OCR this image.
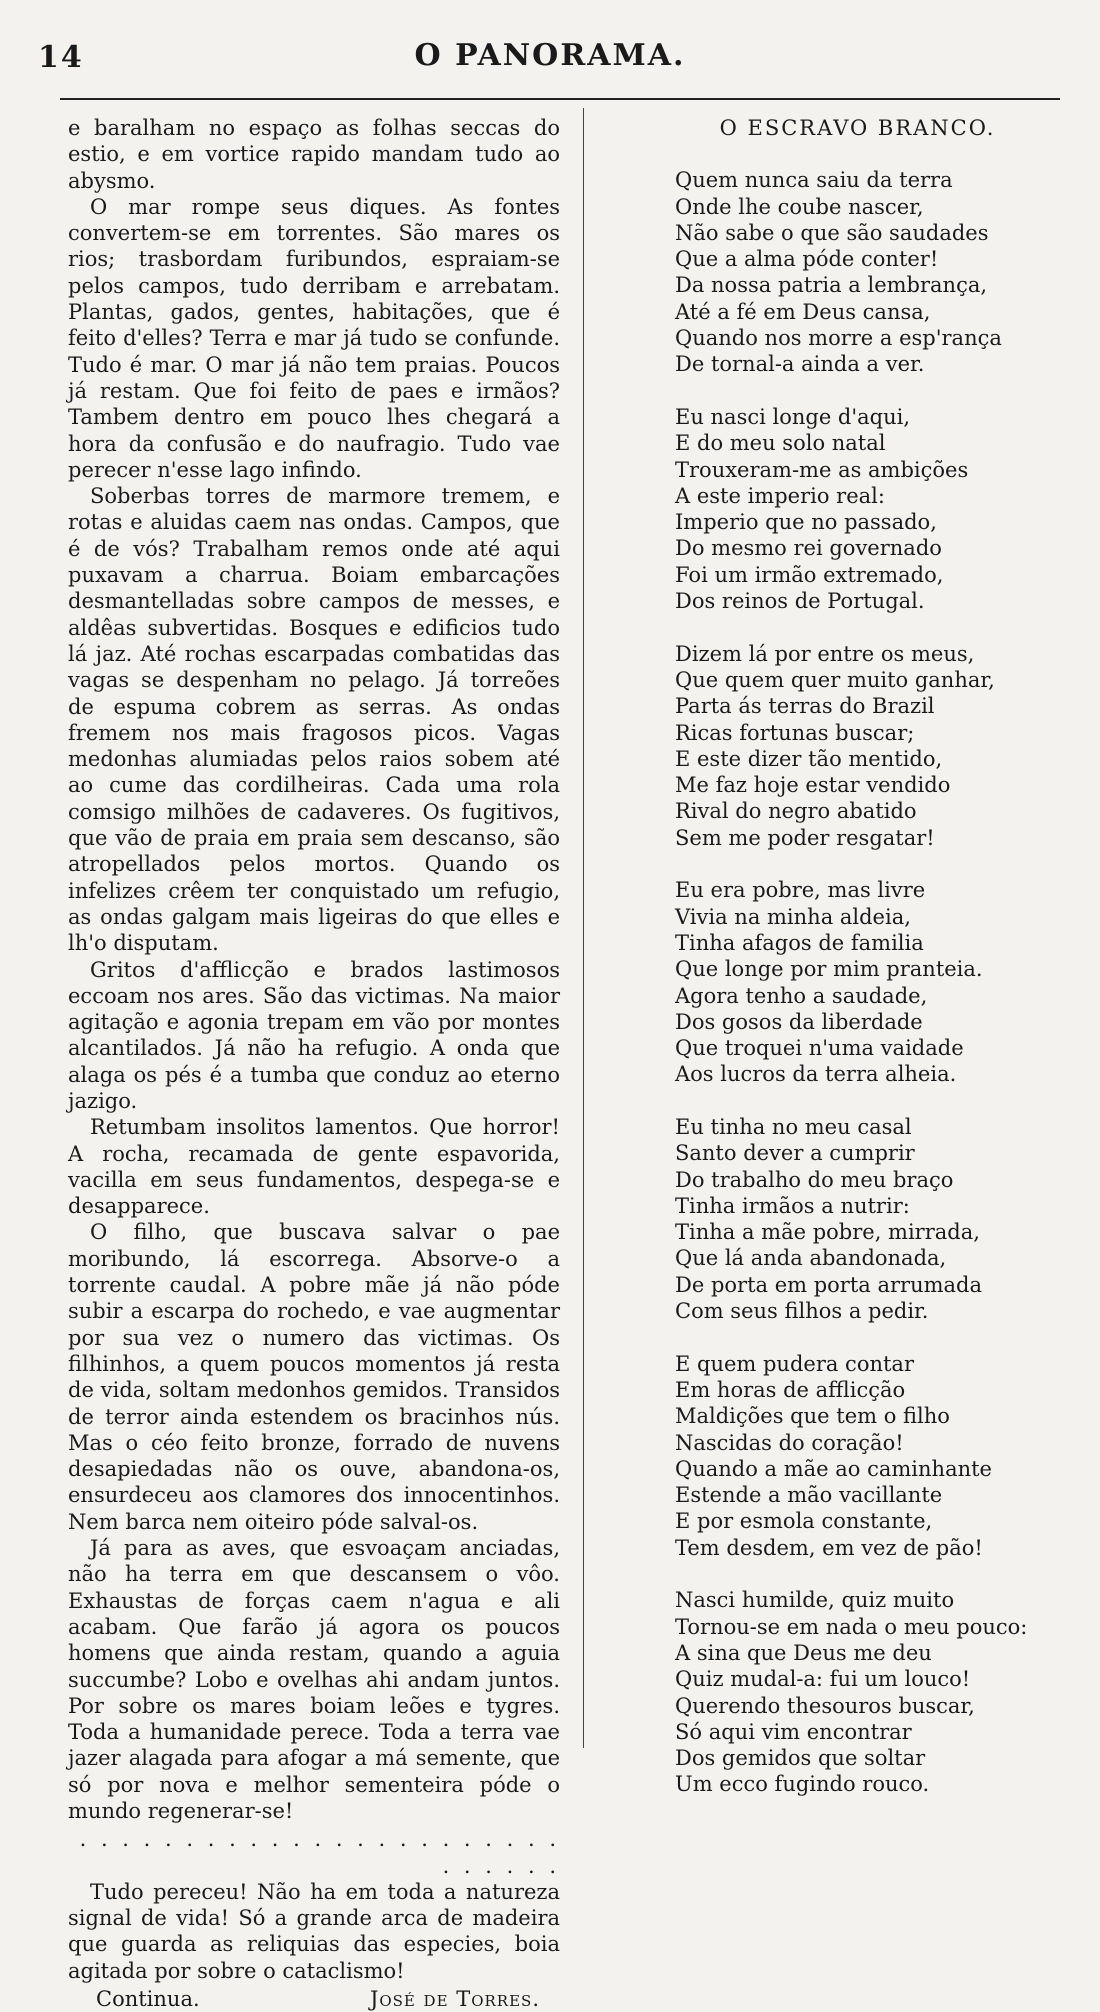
14	O PANORAMA.

e baralham no espaço as folhas seccas do estio, e em vortice rapido mandam tudo ao abysmo.

O mar rompe seus diques. As fontes convertem-se em torrentes. São mares os rios; trasbordam furibundos, espraiam-se pelos campos, tudo derribam e arrebatam. Plantas, gados, gentes, habitações, que é feito d'elles? Terra e mar já tudo se confunde. Tudo é mar. O mar já não tem praias. Poucos já restam. Que foi feito de paes e irmãos? Tambem dentro em pouco lhes chegará a hora da confusão e do naufragio. Tudo vae perecer n'esse lago infindo.

Soberbas torres de marmore tremem, e rotas e aluidas caem nas ondas. Campos, que é de vós? Trabalham remos onde até aqui puxavam a charrua. Boiam embarcações desmantelladas sobre campos de messes, e aldêas subvertidas. Bosques e edificios tudo lá jaz. Até rochas escarpadas combatidas das vagas se despenham no pelago. Já torreões de espuma cobrem as serras. As ondas fremem nos mais fragosos picos. Vagas medonhas alumiadas pelos raios sobem até ao cume das cordilheiras. Cada uma rola comsigo milhões de cadaveres. Os fugitivos, que vão de praia em praia sem descanso, são atropellados pelos mortos. Quando os infelizes crêem ter conquistado um refugio, as ondas galgam mais ligeiras do que elles e lh'o disputam.

Gritos d'afflicção e brados lastimosos eccoam nos ares. São das victimas. Na maior agitação e agonia trepam em vão por montes alcantilados. Já não ha refugio. A onda que alaga os pés é a tumba que conduz ao eterno jazigo.

Retumbam insolitos lamentos. Que horror! A rocha, recamada de gente espavorida, vacilla em seus fundamentos, despega-se e desapparece.

O filho, que buscava salvar o pae moribundo, lá escorrega. Absorve-o a torrente caudal. A pobre mãe já não póde subir a escarpa do rochedo, e vae augmentar por sua vez o numero das victimas. Os filhinhos, a quem poucos momentos já resta de vida, soltam medonhos gemidos. Transidos de terror ainda estendem os bracinhos nús. Mas o céo feito bronze, forrado de nuvens desapiedadas não os ouve, abandona-os, ensurdeceu aos clamores dos innocentinhos. Nem barca nem oiteiro póde salval-os.

Já para as aves, que esvoaçam anciadas, não ha terra em que descansem o vôo. Exhaustas de forças caem n'agua e ali acabam. Que farão já agora os poucos homens que ainda restam, quando a aguia succumbe? Lobo e ovelhas ahi andam juntos. Por sobre os mares boiam leões e tygres. Toda a humanidade perece. Toda a terra vae jazer alagada para afogar a má semente, que só por nova e melhor sementeira póde o mundo regenerar-se!

. . . . . . . . . . . . . . . . . . . . . . . . . . . . .

Tudo pereceu! Não ha em toda a natureza signal de vida! Só a grande arca de madeira que guarda as reliquias das especies, boia agitada por sobre o cataclismo!

Continua.	José de Torres.
O ESCRAVO BRANCO.
Quem nunca saiu da terra
Onde lhe coube nascer,
Não sabe o que são saudades
Que a alma póde conter!
Da nossa patria a lembrança,
Até a fé em Deus cansa,
Quando nos morre a esp'rança
De tornal-a ainda a ver.
Eu nasci longe d'aqui,
E do meu solo natal
Trouxeram-me as ambições
A este imperio real:
Imperio que no passado,
Do mesmo rei governado
Foi um irmão extremado,
Dos reinos de Portugal.
Dizem lá por entre os meus,
Que quem quer muito ganhar,
Parta ás terras do Brazil
Ricas fortunas buscar;
E este dizer tão mentido,
Me faz hoje estar vendido
Rival do negro abatido
Sem me poder resgatar!
Eu era pobre, mas livre
Vivia na minha aldeia,
Tinha afagos de familia
Que longe por mim pranteia.
Agora tenho a saudade,
Dos gosos da liberdade
Que troquei n'uma vaidade
Aos lucros da terra alheia.
Eu tinha no meu casal
Santo dever a cumprir
Do trabalho do meu braço
Tinha irmãos a nutrir:
Tinha a mãe pobre, mirrada,
Que lá anda abandonada,
De porta em porta arrumada
Com seus filhos a pedir.
E quem pudera contar
Em horas de afflicção
Maldições que tem o filho
Nascidas do coração!
Quando a mãe ao caminhante
Estende a mão vacillante
E por esmola constante,
Tem desdem, em vez de pão!
Nasci humilde, quiz muito
Tornou-se em nada o meu pouco:
A sina que Deus me deu
Quiz mudal-a: fui um louco!
Querendo thesouros buscar,
Só aqui vim encontrar
Dos gemidos que soltar
Um ecco fugindo rouco.
